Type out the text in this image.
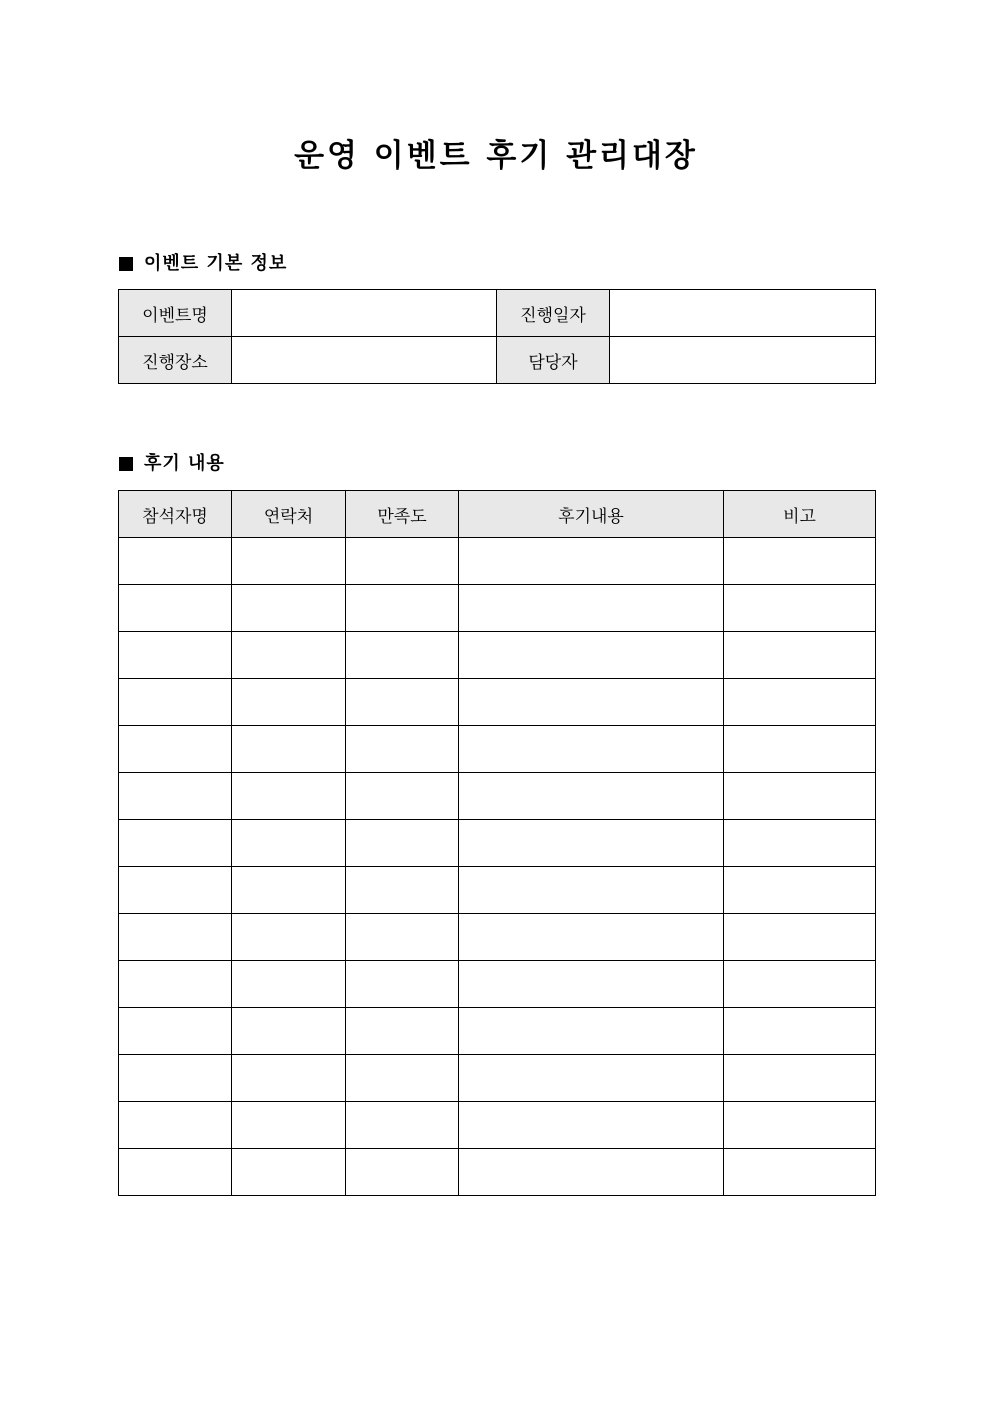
운영 이벤트 후기 관리대장
이벤트 기본 정보
이벤트명		진행일자	
진행장소		담당자	
후기 내용
참석자명	연락처	만족도	후기내용	비고
